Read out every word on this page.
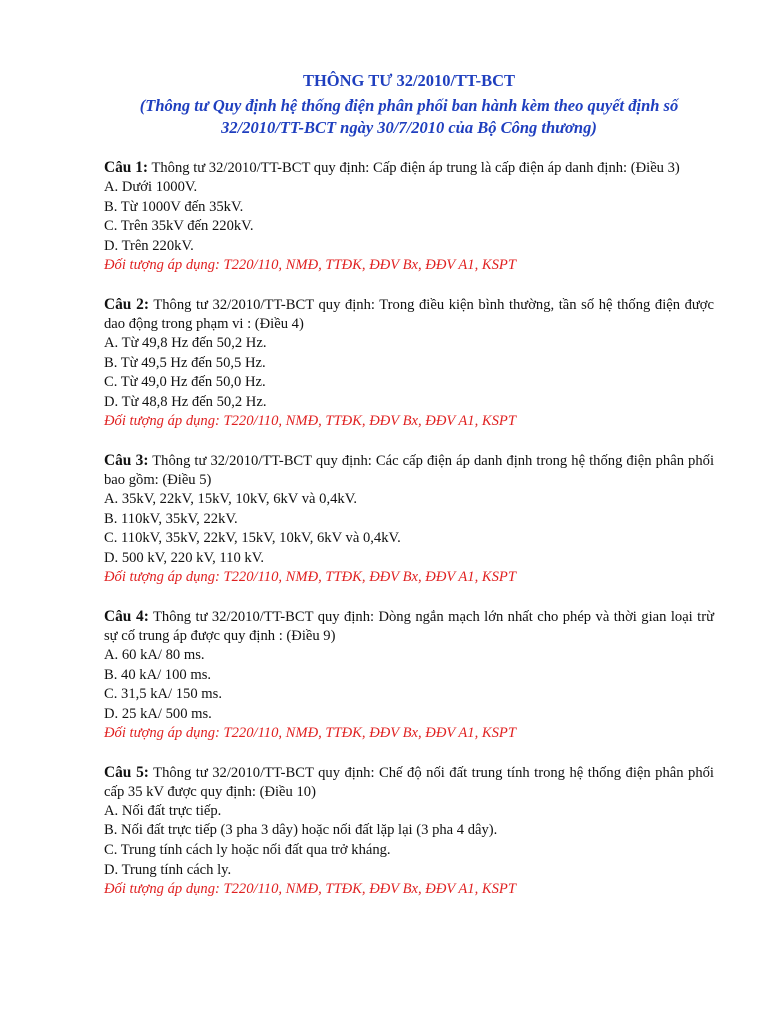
THÔNG TƯ 32/2010/TT-BCT

(Thông tư Quy định hệ thống điện phân phối ban hành kèm theo quyết định số 32/2010/TT-BCT ngày 30/7/2010 của Bộ Công thương)

Câu 1: Thông tư 32/2010/TT-BCT quy định: Cấp điện áp trung là cấp điện áp danh định: (Điều 3)

A. Dưới 1000V.

B. Từ 1000V đến 35kV.

C. Trên 35kV đến 220kV.

D. Trên 220kV.

Đối tượng áp dụng: T220/110, NMĐ, TTĐK, ĐĐV Bx, ĐĐV A1, KSPT

Câu 2: Thông tư 32/2010/TT-BCT quy định: Trong điều kiện bình thường, tần số hệ thống điện được dao động trong phạm vi : (Điều 4)

A. Từ 49,8 Hz đến 50,2 Hz.

B. Từ 49,5 Hz đến 50,5 Hz.

C. Từ 49,0 Hz đến 50,0 Hz.

D. Từ 48,8 Hz đến 50,2 Hz.

Đối tượng áp dụng: T220/110, NMĐ, TTĐK, ĐĐV Bx, ĐĐV A1, KSPT

Câu 3: Thông tư 32/2010/TT-BCT quy định: Các cấp điện áp danh định trong hệ thống điện phân phối bao gồm: (Điều 5)

A. 35kV, 22kV, 15kV, 10kV, 6kV và 0,4kV.

B. 110kV, 35kV, 22kV.

C. 110kV, 35kV, 22kV, 15kV, 10kV, 6kV và 0,4kV.

D. 500 kV, 220 kV, 110 kV.

Đối tượng áp dụng: T220/110, NMĐ, TTĐK, ĐĐV Bx, ĐĐV A1, KSPT

Câu 4: Thông tư 32/2010/TT-BCT quy định: Dòng ngắn mạch lớn nhất cho phép và thời gian loại trừ sự cố trung áp được quy định : (Điều 9)

A. 60 kA/ 80 ms.

B. 40 kA/ 100 ms.

C. 31,5 kA/ 150 ms.

D. 25 kA/ 500 ms.

Đối tượng áp dụng: T220/110, NMĐ, TTĐK, ĐĐV Bx, ĐĐV A1, KSPT

Câu 5: Thông tư 32/2010/TT-BCT quy định: Chế độ nối đất trung tính trong hệ thống điện phân phối cấp 35 kV được quy định: (Điều 10)

A. Nối đất trực tiếp.

B. Nối đất trực tiếp (3 pha 3 dây) hoặc nối đất lặp lại (3 pha 4 dây).

C. Trung tính cách ly hoặc nối đất qua trở kháng.

D. Trung tính cách ly.

Đối tượng áp dụng: T220/110, NMĐ, TTĐK, ĐĐV Bx, ĐĐV A1, KSPT
